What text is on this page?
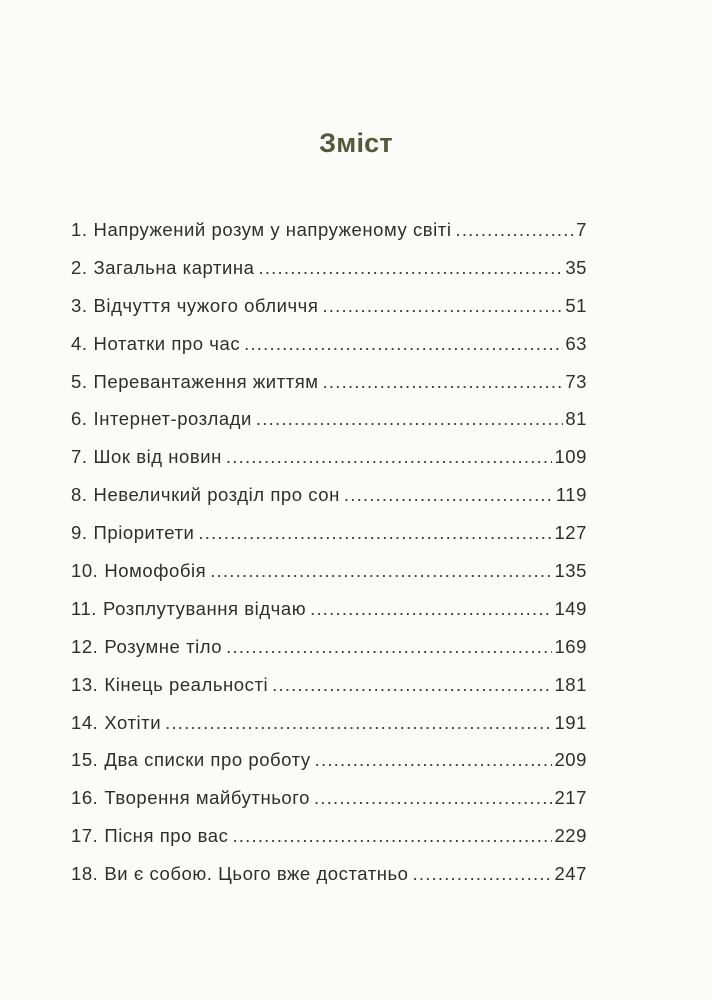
Зміст
1. Напружений розум у напруженому світі .....	7
2. Загальна картина .....	35
3. Відчуття чужого обличчя .....	51
4. Нотатки про час .....	63
5. Перевантаження життям .....	73
6. Інтернет-розлади .....	81
7. Шок від новин .....	109
8. Невеличкий розділ про сон .....	119
9. Пріоритети .....	127
10. Номофобія .....	135
11. Розплутування відчаю .....	149
12. Розумне тіло .....	169
13. Кінець реальності .....	181
14. Хотіти .....	191
15. Два списки про роботу .....	209
16. Творення майбутнього .....	217
17. Пісня про вас .....	229
18. Ви є собою. Цього вже достатньо .....	247
